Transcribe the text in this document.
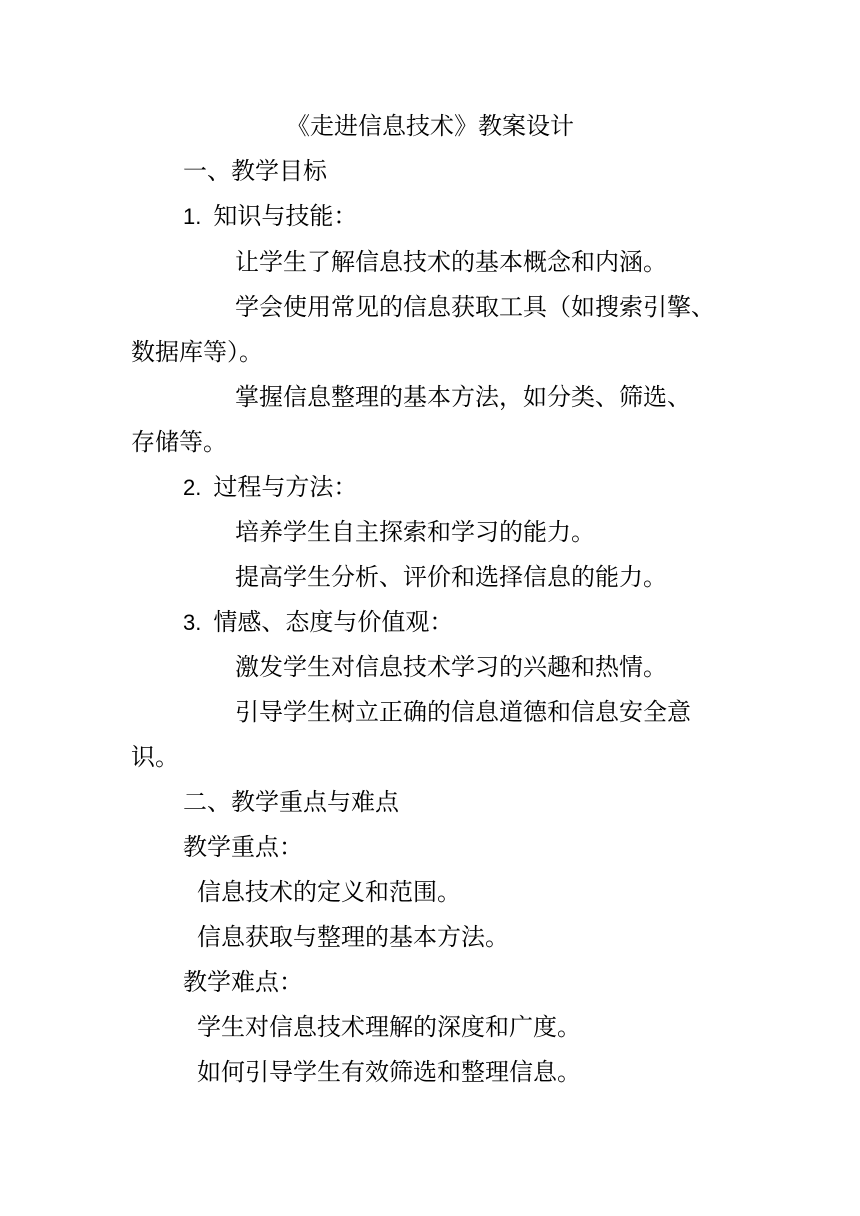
《走进信息技术》教案设计
一、教学目标
1. 知识与技能：
让学生了解信息技术的基本概念和内涵。
学会使用常见的信息获取工具（如搜索引擎、
数据库等）。
掌握信息整理的基本方法，如分类、筛选、
存储等。
2. 过程与方法：
培养学生自主探索和学习的能力。
提高学生分析、评价和选择信息的能力。
3. 情感、态度与价值观：
激发学生对信息技术学习的兴趣和热情。
引导学生树立正确的信息道德和信息安全意
识。
二、教学重点与难点
教学重点：
信息技术的定义和范围。
信息获取与整理的基本方法。
教学难点：
学生对信息技术理解的深度和广度。
如何引导学生有效筛选和整理信息。
